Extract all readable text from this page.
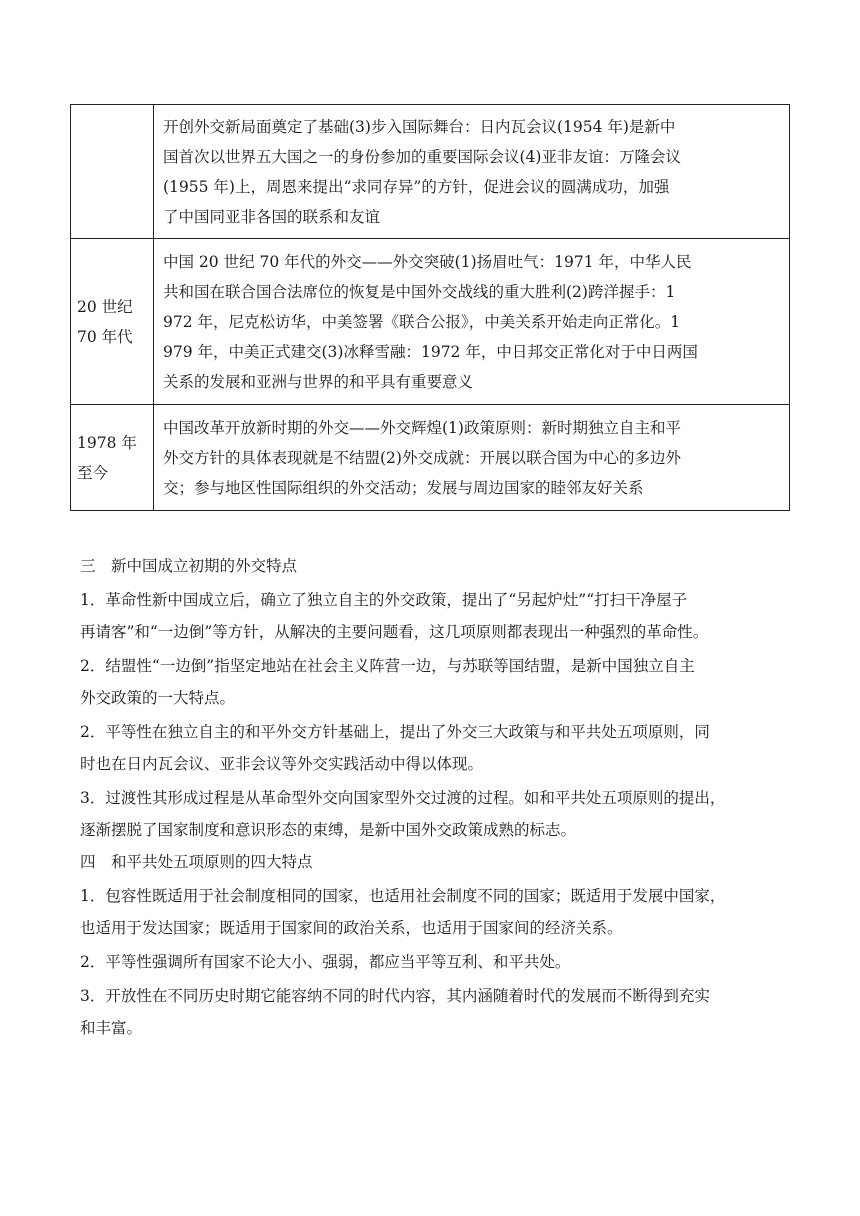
	开创外交新局面奠定了基础(3)步入国际舞台：日内瓦会议(1954 年)是新中
国首次以世界五大国之一的身份参加的重要国际会议(4)亚非友谊：万隆会议
(1955 年)上，周恩来提出“求同存异”的方针，促进会议的圆满成功，加强
了中国同亚非各国的联系和友谊

20 世纪
70 年代	中国 20 世纪 70 年代的外交——外交突破(1)扬眉吐气：1971 年，中华人民
共和国在联合国合法席位的恢复是中国外交战线的重大胜利(2)跨洋握手：1
972 年，尼克松访华，中美签署《联合公报》，中美关系开始走向正常化。1
979 年，中美正式建交(3)冰释雪融：1972 年，中日邦交正常化对于中日两国
关系的发展和亚洲与世界的和平具有重要意义

1978 年
至今	中国改革开放新时期的外交——外交辉煌(1)政策原则：新时期独立自主和平
外交方针的具体表现就是不结盟(2)外交成就：开展以联合国为中心的多边外
交；参与地区性国际组织的外交活动；发展与周边国家的睦邻友好关系
三　新中国成立初期的外交特点
1．革命性新中国成立后，确立了独立自主的外交政策，提出了“另起炉灶”“打扫干净屋子
再请客”和“一边倒”等方针，从解决的主要问题看，这几项原则都表现出一种强烈的革命性。
2．结盟性“一边倒”指坚定地站在社会主义阵营一边，与苏联等国结盟，是新中国独立自主
外交政策的一大特点。
2．平等性在独立自主的和平外交方针基础上，提出了外交三大政策与和平共处五项原则，同
时也在日内瓦会议、亚非会议等外交实践活动中得以体现。
3．过渡性其形成过程是从革命型外交向国家型外交过渡的过程。如和平共处五项原则的提出，
逐渐摆脱了国家制度和意识形态的束缚，是新中国外交政策成熟的标志。
四　和平共处五项原则的四大特点
1．包容性既适用于社会制度相同的国家，也适用社会制度不同的国家；既适用于发展中国家，
也适用于发达国家；既适用于国家间的政治关系，也适用于国家间的经济关系。
2．平等性强调所有国家不论大小、强弱，都应当平等互利、和平共处。
3．开放性在不同历史时期它能容纳不同的时代内容，其内涵随着时代的发展而不断得到充实
和丰富。
